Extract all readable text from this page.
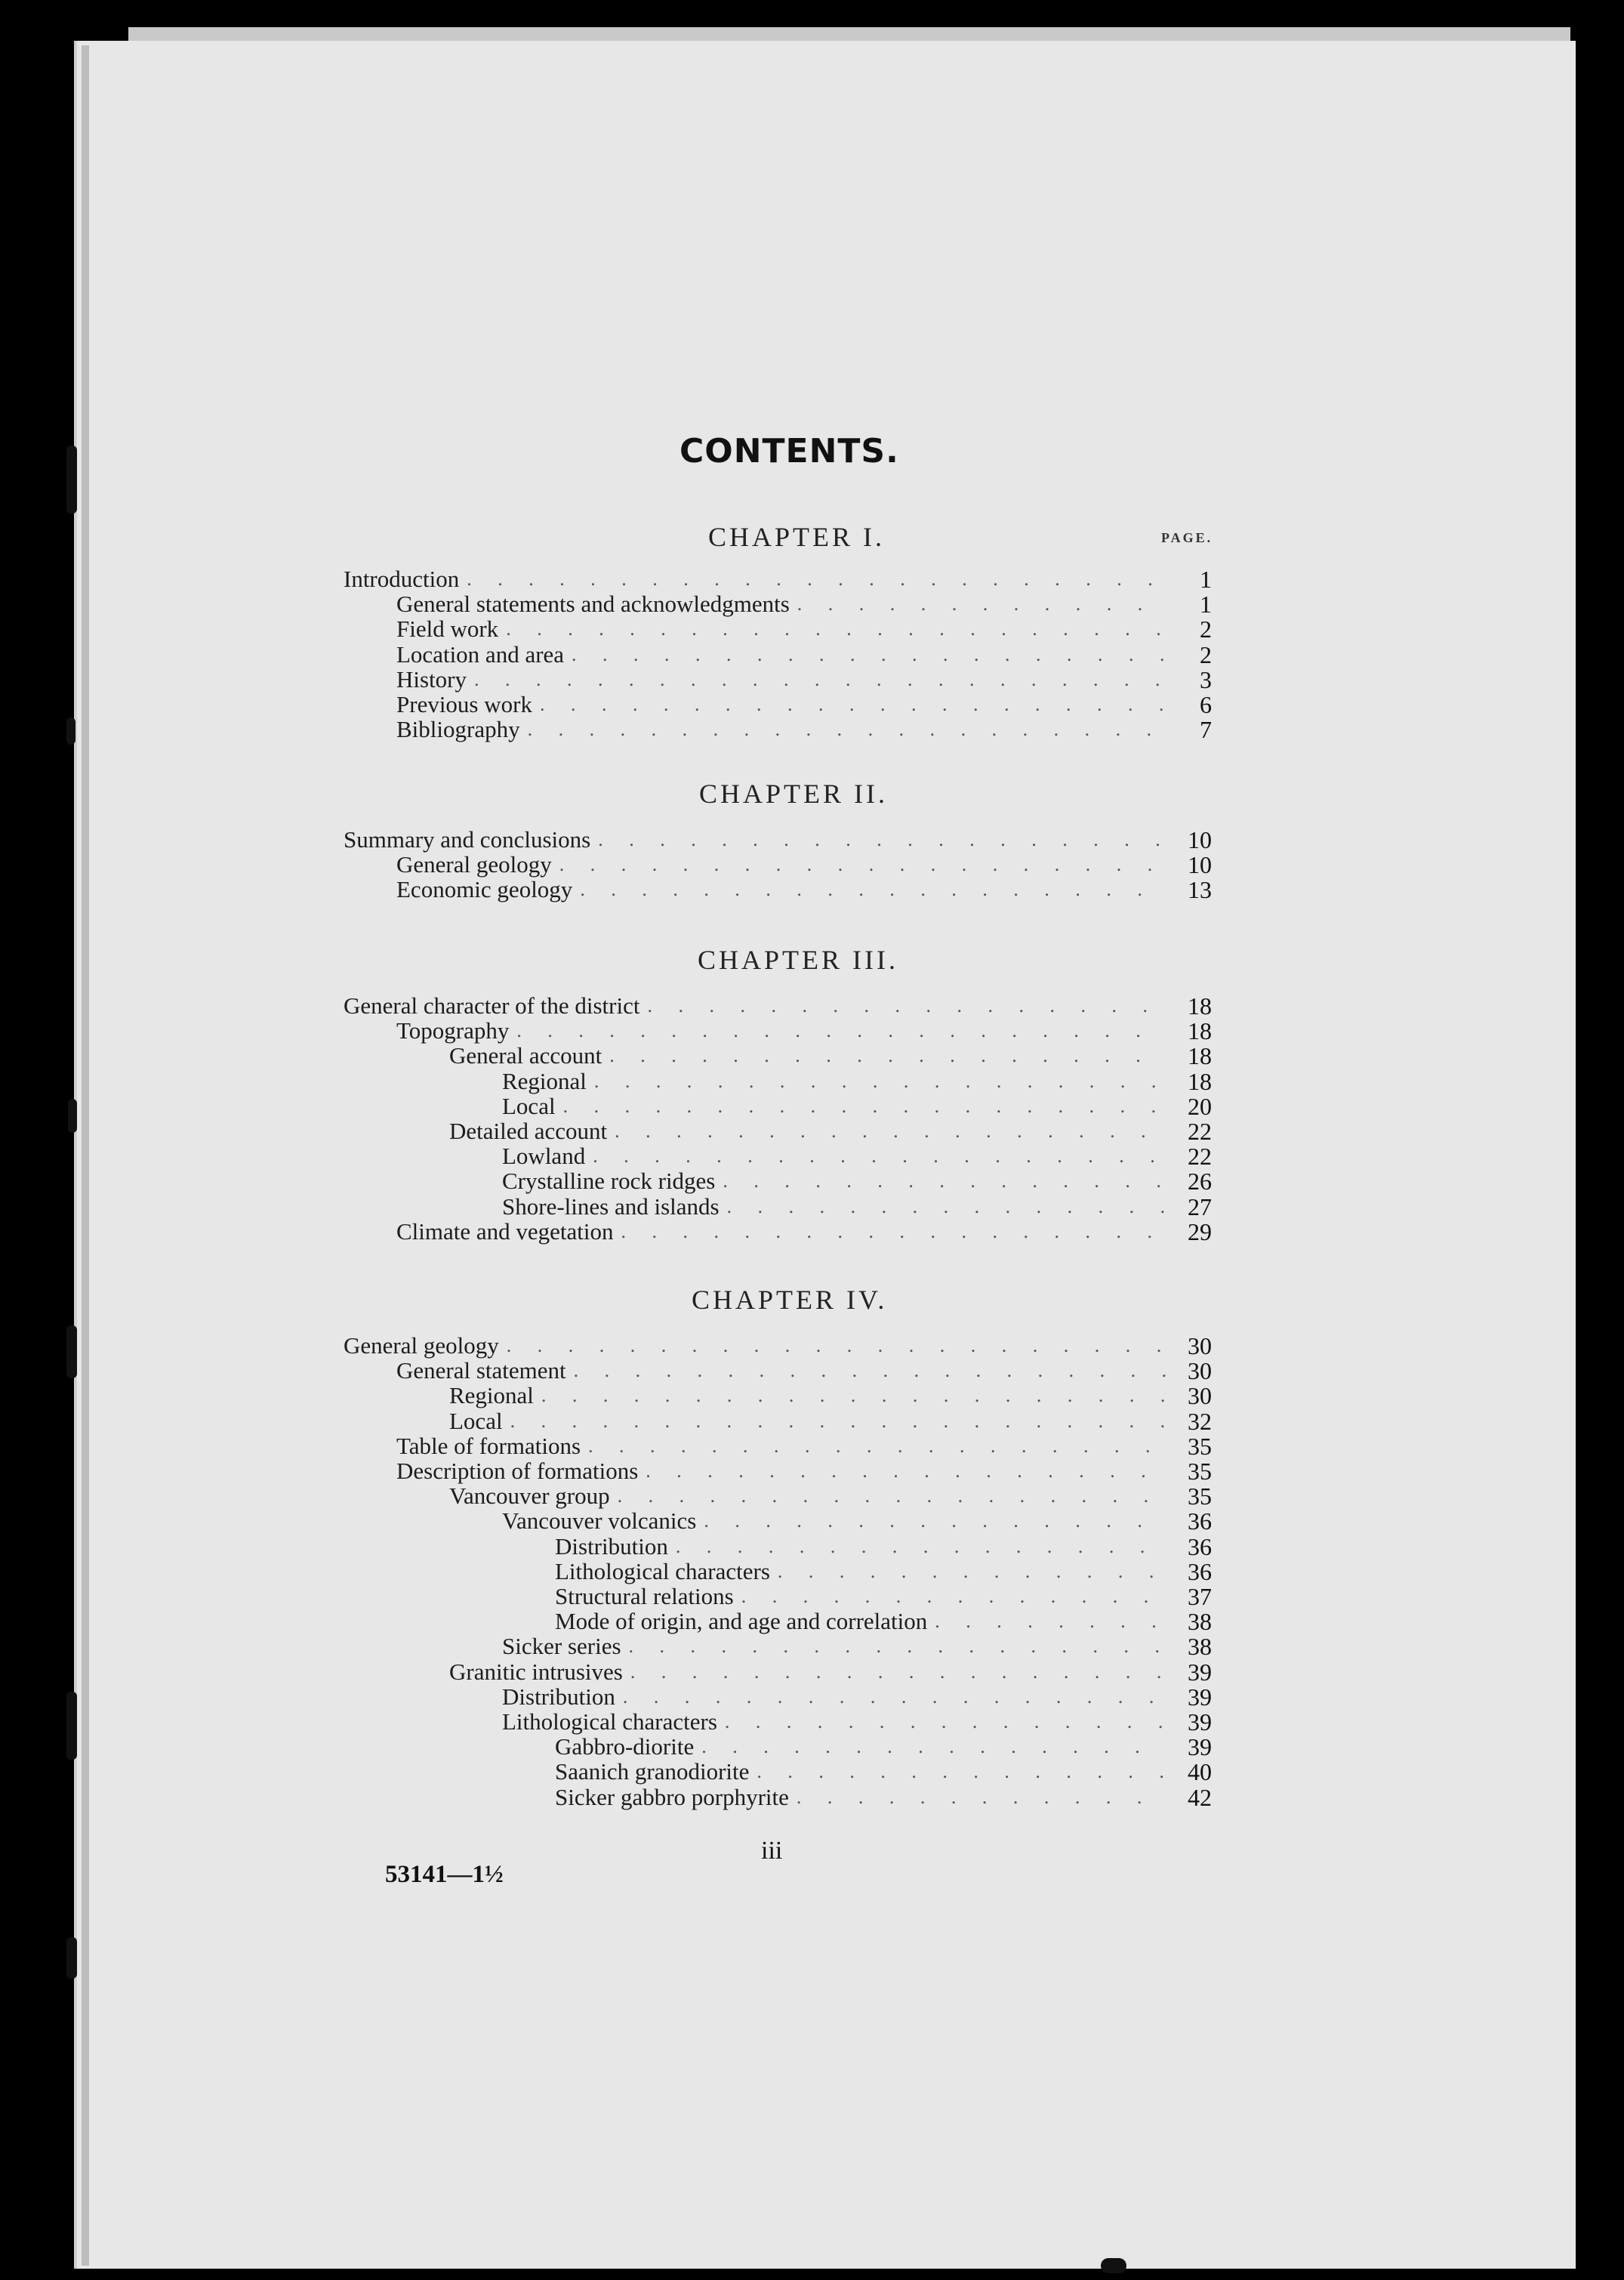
CONTENTS.
PAGE.
CHAPTER I.
Introduction . . .	1
General statements and acknowledgments . . .	1
Field work . . .	2
Location and area . . .	2
History . . .	3
Previous work . . .	6
Bibliography . . .	7
CHAPTER II.
Summary and conclusions . . .	10
General geology . . .	10
Economic geology . . .	13
CHAPTER III.
General character of the district . . .	18
Topography . . .	18
General account . . .	18
Regional . . .	18
Local . . .	20
Detailed account . . .	22
Lowland . . .	22
Crystalline rock ridges . . .	26
Shore-lines and islands . . .	27
Climate and vegetation . . .	29
CHAPTER IV.
General geology . . .	30
General statement . . .	30
Regional . . .	30
Local . . .	32
Table of formations . . .	35
Description of formations . . .	35
Vancouver group . . .	35
Vancouver volcanics . . .	36
Distribution . . .	36
Lithological characters . . .	36
Structural relations . . .	37
Mode of origin, and age and correlation . . .	38
Sicker series . . .	38
Granitic intrusives . . .	39
Distribution . . .	39
Lithological characters . . .	39
Gabbro-diorite . . .	39
Saanich granodiorite . . .	40
Sicker gabbro porphyrite . . .	42
iii
53141—1½
